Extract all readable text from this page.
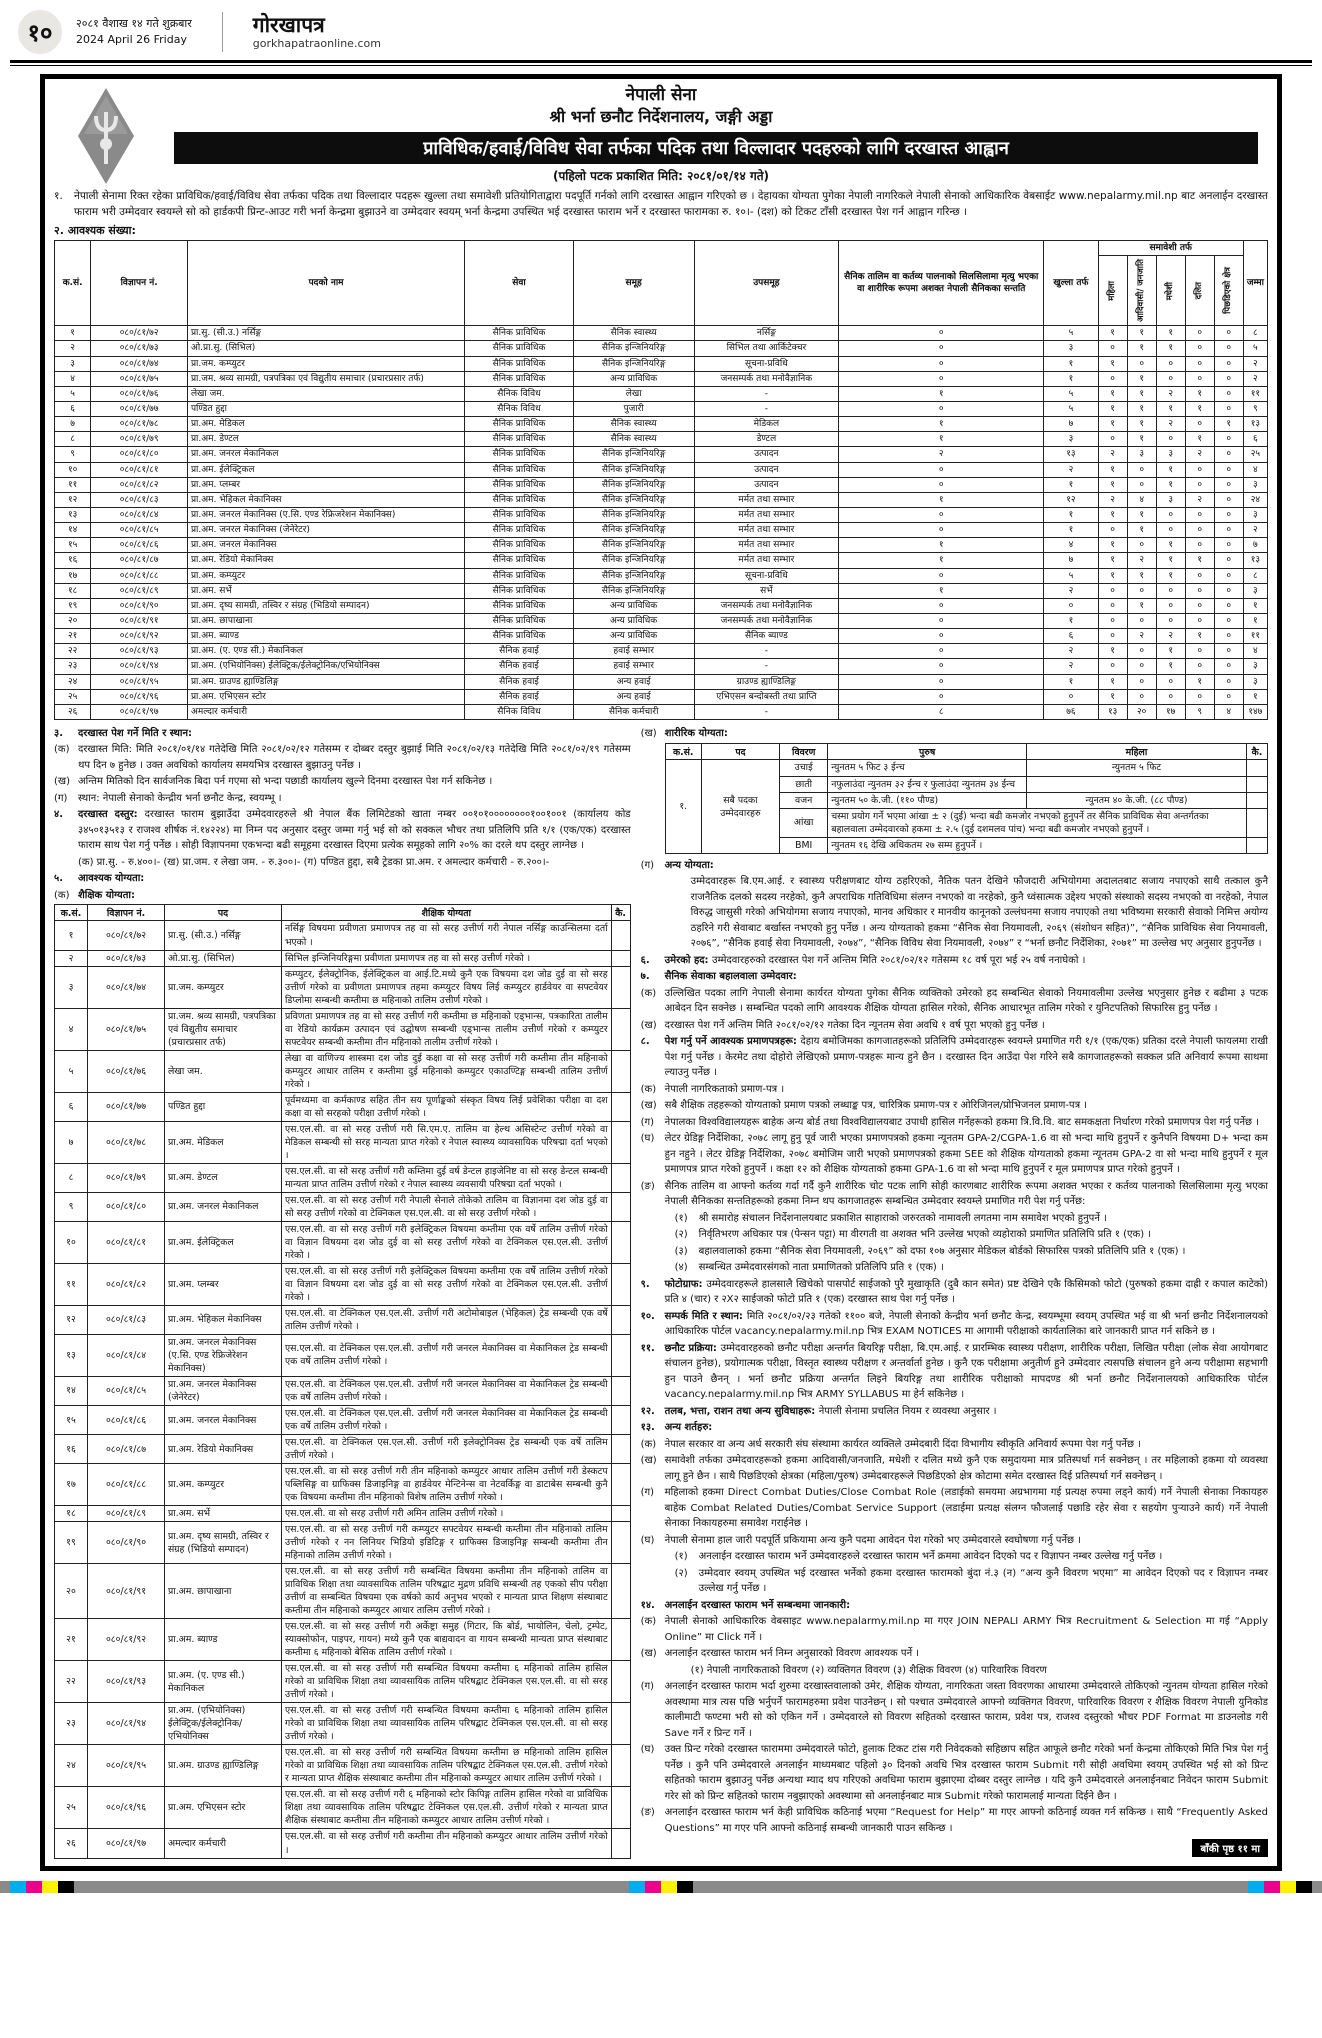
१०	२०८१ वैशाख १४ गते शुक्रबार
2024 April 26 Friday
गोरखापत्र
gorkhapatraonline.com
नेपाली सेना
श्री भर्ना छनौट निर्देशनालय, जङ्गी अड्डा
प्राविधिक/हवाई/विविध सेवा तर्फका पदिक तथा विल्लादार पदहरुको लागि दरखास्त आह्वान
(पहिलो पटक प्रकाशित मिति: २०८१/०१/१४ गते)
१.	नेपाली सेनामा रिक्त रहेका प्राविधिक/हवाई/विविध सेवा तर्फका पदिक तथा विल्लादार पदहरू खुल्ला तथा समावेशी प्रतियोगिताद्वारा पदपूर्ति गर्नको लागि दरखास्त आह्वान गरिएको छ । देहायका योग्यता पुगेका नेपाली नागरिकले नेपाली सेनाको आधिकारिक वेबसाईट www.nepalarmy.mil.np बाट अनलाईन दरखास्त फाराम भरी उम्मेदवार स्वयम्ले सो को हार्डकपी प्रिन्ट-आउट गरी भर्ना केन्द्रमा बुझाउने वा उम्मेदवार स्वयम् भर्ना केन्द्रमा उपस्थित भई दरखास्त फाराम भर्ने र दरखास्त फारामका रु. १०।- (दश) को टिकट टाँसी दरखास्त पेश गर्न आह्वान गरिन्छ ।
२. आवश्यक संख्या:
क.सं.	विज्ञापन नं.	पदको नाम	सेवा	समूह	उपसमूह	सैनिक तालिम वा कर्तव्य पालनाको सिलसिलामा मृत्यु भएका वा शारीरिक रूपमा अशक्त नेपाली सैनिकका सन्तति	खुल्ला तर्फ	समावेशी तर्फ					जम्मा

								महिला	आदिवासी/ जनजाति	मधेशी	दलित	पिछडिएको क्षेत्र	

१	०८०/८१/७२	प्रा.सु. (सी.उ.) नर्सिङ्ग	सैनिक प्राविधिक	सैनिक स्वास्थ्य	नर्सिङ्ग	०	५	१	१	१	०	०	८
२	०८०/८१/७३	ओ.प्रा.सु. (सिभिल)	सैनिक प्राविधिक	सैनिक इन्जिनियरिङ्ग	सिभिल तथा आर्किटेक्चर	०	३	०	१	१	०	०	५
३	०८०/८१/७४	प्रा.जम. कम्प्युटर	सैनिक प्राविधिक	सैनिक इन्जिनियरिङ्ग	सूचना-प्रविधि	०	१	१	०	०	०	०	२
४	०८०/८१/७५	प्रा.जम. श्रव्य सामग्री, पत्रपत्रिका एवं विद्युतीय समाचार (प्रचारप्रसार तर्फ)	सैनिक प्राविधिक	अन्य प्राविधिक	जनसम्पर्क तथा मनोवैज्ञानिक	०	१	०	१	०	०	०	२
५	०८०/८१/७६	लेखा जम.	सैनिक विविध	लेखा	-	१	५	१	१	२	१	०	११
६	०८०/८१/७७	पण्डित हुद्दा	सैनिक विविध	पुजारी	-	०	५	१	१	१	१	०	९
७	०८०/८१/७८	प्रा.अम. मेडिकल	सैनिक प्राविधिक	सैनिक स्वास्थ्य	मेडिकल	१	७	१	१	२	०	१	१३
८	०८०/८१/७९	प्रा.अम. डेण्टल	सैनिक प्राविधिक	सैनिक स्वास्थ्य	डेण्टल	१	३	०	१	०	१	०	६
९	०८०/८१/८०	प्रा.अम. जनरल मेकानिकल	सैनिक प्राविधिक	सैनिक इन्जिनियरिङ्ग	उत्पादन	२	१३	२	३	३	२	०	२५
१०	०८०/८१/८१	प्रा.अम. ईलेक्ट्रिकल	सैनिक प्राविधिक	सैनिक इन्जिनियरिङ्ग	उत्पादन	०	२	१	०	१	०	०	४
११	०८०/८१/८२	प्रा.अम. प्लम्बर	सैनिक प्राविधिक	सैनिक इन्जिनियरिङ्ग	उत्पादन	०	१	१	०	१	०	०	३
१२	०८०/८१/८३	प्रा.अम. भेहिकल मेकानिक्स	सैनिक प्राविधिक	सैनिक इन्जिनियरिङ्ग	मर्मत तथा सम्भार	१	१२	२	४	३	२	०	२४
१३	०८०/८१/८४	प्रा.अम. जनरल मेकानिक्स (ए.सि. एण्ड रेफ्रिजरेशन मेकानिक्स)	सैनिक प्राविधिक	सैनिक इन्जिनियरिङ्ग	मर्मत तथा सम्भार	०	१	१	१	०	०	०	३
१४	०८०/८१/८५	प्रा.अम. जनरल मेकानिक्स (जेनेरेटर)	सैनिक प्राविधिक	सैनिक इन्जिनियरिङ्ग	मर्मत तथा सम्भार	०	१	०	१	०	०	०	२
१५	०८०/८१/८६	प्रा.अम. जनरल मेकानिक्स	सैनिक प्राविधिक	सैनिक इन्जिनियरिङ्ग	मर्मत तथा सम्भार	१	४	१	०	१	०	०	७
१६	०८०/८१/८७	प्रा.अम. रेडियो मेकानिक्स	सैनिक प्राविधिक	सैनिक इन्जिनियरिङ्ग	मर्मत तथा सम्भार	१	७	१	२	१	१	०	१३
१७	०८०/८१/८८	प्रा.अम. कम्प्युटर	सैनिक प्राविधिक	सैनिक इन्जिनियरिङ्ग	सूचना-प्रविधि	०	५	१	१	१	०	०	८
१८	०८०/८१/८९	प्रा.अम. सर्भे	सैनिक प्राविधिक	सैनिक इन्जिनियरिङ्ग	सर्भे	१	२	०	०	०	०	०	३
१९	०८०/८१/९०	प्रा.अम. दृष्य सामग्री, तस्विर र संग्रह (भिडियो सम्पादन)	सैनिक प्राविधिक	अन्य प्राविधिक	जनसम्पर्क तथा मनोवैज्ञानिक	०	०	०	१	०	०	०	१
२०	०८०/८१/९१	प्रा.अम. छापाखाना	सैनिक प्राविधिक	अन्य प्राविधिक	जनसम्पर्क तथा मनोवैज्ञानिक	०	१	०	०	०	०	०	१
२१	०८०/८१/९२	प्रा.अम. ब्याण्ड	सैनिक प्राविधिक	अन्य प्राविधिक	सैनिक ब्याण्ड	०	६	०	२	२	१	०	११
२२	०८०/८१/९३	प्रा.अम. (ए. एण्ड सी.) मेकानिकल	सैनिक हवाई	हवाई सम्भार	-	०	२	१	०	१	०	०	४
२३	०८०/८१/९४	प्रा.अम. (एभियोनिक्स) ईलेक्ट्रिक/ईलेक्ट्रोनिक/एभियोनिक्स	सैनिक हवाई	हवाई सम्भार	-	०	२	०	०	१	०	०	३
२४	०८०/८१/९५	प्रा.अम. ग्राउण्ड ह्याण्डिलिङ्ग	सैनिक हवाई	अन्य हवाई	ग्राउण्ड ह्याण्डिलिङ्ग	०	१	१	०	०	१	०	३
२५	०८०/८१/९६	प्रा.अम. एभिएसन स्टोर	सैनिक हवाई	अन्य हवाई	एभिएसन बन्दोबस्ती तथा प्राप्ति	०	०	१	०	०	०	०	१
२६	०८०/८१/९७	अमल्दार कर्मचारी	सैनिक विविध	सैनिक कर्मचारी	-	८	७६	१३	२०	१७	९	४	१४७
३.	दरखास्त पेश गर्ने मिति र स्थान:
(क) दरखास्त मिति: मिति २०८१/०१/१४ गतेदेखि मिति २०८१/०२/१२ गतेसम्म र दोब्बर दस्तुर बुझाई मिति २०८१/०२/१३ गतेदेखि मिति २०८१/०२/१९ गतेसम्म थप दिन ७ हुनेछ । उक्त अवधिको कार्यालय समयभित्र दरखास्त बुझाउनु पर्नेछ ।
(ख) अन्तिम मितिको दिन सार्वजनिक बिदा पर्न गएमा सो भन्दा पछाडी कार्यालय खुल्ने दिनमा दरखास्त पेश गर्न सकिनेछ ।
(ग)	स्थान: नेपाली सेनाको केन्द्रीय भर्ना छनौट केन्द्र, स्वयम्भू ।
४.	दरखास्त दस्तुर: दरखास्त फाराम बुझाउँदा उम्मेदवारहरुले श्री नेपाल बैंक लिमिटेडको खाता नम्बर ००१०१००००००००१००१००१ (कार्यालय कोड ३४५०१३५१३ र राजश्व शीर्षक नं.१४२२४) मा निम्न पद अनुसार दस्तुर जम्मा गर्नु भई सो को सक्कल भौचर तथा प्रतिलिपि प्रति १/१ (एक/एक) दरखास्त फाराम साथ पेश गर्नु पर्नेछ । सोही विज्ञापनमा एकभन्दा बढी समूहमा दरखास्त दिएमा प्रत्येक समूहको लागि २०% का दरले थप दस्तुर लाग्नेछ ।
(क) प्रा.सु. - रु.४००।- (ख) प्रा.जम. र लेखा जम. - रु.३००।- (ग) पण्डित हुद्दा, सबै ट्रेडका प्रा.अम. र अमल्दार कर्मचारी - रु.२००।-
५.	आवश्यक योग्यता:
(क) शैक्षिक योग्यता:
क.सं.	विज्ञापन नं.	पद	शैक्षिक योग्यता	कै.
१	०८०/८१/७२	प्रा.सु. (सी.उ.) नर्सिङ्ग	नर्सिङ्ग विषयमा प्रवीणता प्रमाणपत्र तह वा सो सरह उत्तीर्ण गरी नेपाल नर्सिङ्ग काउन्सिलमा दर्ता भएको ।	
२	०८०/८१/७३	ओ.प्रा.सु. (सिभिल)	सिभिल इन्जिनियरिङ्गमा प्रवीणता प्रमाणपत्र तह वा सो सरह उत्तीर्ण गरेको ।	
३	०८०/८१/७४	प्रा.जम. कम्प्युटर	कम्प्युटर, ईलेक्ट्रोनिक, ईलेक्ट्रिकल वा आई.टि.मध्ये कुनै एक विषयमा दश जोड दुई वा सो सरह उत्तीर्ण गरेको वा प्रवीणता प्रमाणपत्र तहमा कम्प्युटर विषय लिई कम्प्युटर हार्डवेयर वा सफ्टवेयर डिप्लोमा सम्बन्धी कम्तीमा छ महिनाको तालिम उत्तीर्ण गरेको ।	
४	०८०/८१/७५	प्रा.जम. श्रव्य सामग्री, पत्रपत्रिका एवं विद्युतीय समाचार (प्रचारप्रसार तर्फ)	प्रविणता प्रमाणपत्र तह वा सो सरह उत्तीर्ण गरी कम्तीमा छ महिनाको एड्भान्स, पत्रकारिता तालीम वा रेडियो कार्यक्रम उत्पादन एवं उद्घोषण सम्बन्धी एड्भान्स तालीम उत्तीर्ण गरेको र कम्प्युटर सफ्टवेयर सम्बन्धी कम्तीमा तीन महिनाको तालीम उत्तीर्ण गरेको ।	
५	०८०/८१/७६	लेखा जम.	लेखा वा वाणिज्य शास्त्रमा दश जोड दुई कक्षा वा सो सरह उत्तीर्ण गरी कम्तीमा तीन महिनाको कम्प्युटर आधार तालिम र कम्तीमा दुई महिनाको कम्प्युटर एकाउण्टिङ्ग सम्बन्धी तालिम उत्तीर्ण गरेको ।	
६	०८०/८१/७७	पण्डित हुद्दा	पूर्वमध्यमा वा कर्मकाण्ड सहित तीन सय पूर्णाङ्कको संस्कृत विषय लिई प्रवेशिका परीक्षा वा दश कक्षा वा सो सरहको परीक्षा उत्तीर्ण गरेको ।	
७	०८०/८१/७८	प्रा.अम. मेडिकल	एस.एल.सी. वा सो सरह उत्तीर्ण गरी सि.एम.ए. तालिम वा हेल्थ असिस्टेन्ट उत्तीर्ण गरेको वा मेडिकल सम्बन्धी सो सरह मान्यता प्राप्त गरेको र नेपाल स्वास्थ्य व्यावसायिक परिषद्मा दर्ता भएको ।	
८	०८०/८१/७९	प्रा.अम. डेण्टल	एस.एल.सी. वा सो सरह उत्तीर्ण गरी कम्तिमा दुई वर्ष डेन्टल हाइजेनिष्ट वा सो सरह डेन्टल सम्बन्धी मान्यता प्राप्त तालिम उत्तीर्ण गरेको र नेपाल स्वास्थ्य व्यवसायी परिषद्मा दर्ता भएको ।	
९	०८०/८१/८०	प्रा.अम. जनरल मेकानिकल	एस.एल.सी. वा सो सरह उत्तीर्ण गरी नेपाली सेनाले तोकेको तालिम वा विज्ञानमा दश जोड दुई वा सो सरह उत्तीर्ण गरेको वा टेक्निकल एस.एल.सी. वा सो सरह उत्तीर्ण गरेको ।	
१०	०८०/८१/८१	प्रा.अम. ईलेक्ट्रिकल	एस.एल.सी. वा सो सरह उत्तीर्ण गरी इलेक्ट्रिकल विषयमा कम्तीमा एक वर्षे तालिम उत्तीर्ण गरेको वा विज्ञान विषयमा दश जोड दुई वा सो सरह उत्तीर्ण गरेको वा टेक्निकल एस.एल.सी. उत्तीर्ण गरेको ।	
११	०८०/८१/८२	प्रा.अम. प्लम्बर	एस.एल.सी. वा सो सरह उत्तीर्ण गरी इलेक्ट्रिकल विषयमा कम्तीमा एक वर्षे तालिम उत्तीर्ण गरेको वा विज्ञान विषयमा दश जोड दुई वा सो सरह उत्तीर्ण गरेको वा टेक्निकल एस.एल.सी. उत्तीर्ण गरेको ।	
१२	०८०/८१/८३	प्रा.अम. भेहिकल मेकानिक्स	एस.एल.सी. वा टेक्निकल एस.एल.सी. उत्तीर्ण गरी अटोमोबाइल (भेहिकल) ट्रेड सम्बन्धी एक वर्षे तालिम उत्तीर्ण गरेको ।	
१३	०८०/८१/८४	प्रा.अम. जनरल मेकानिक्स (ए.सि. एण्ड रेफ्रिजेरेशन मेकानिक्स)	एस.एल.सी. वा टेक्निकल एस.एल.सी. उत्तीर्ण गरी जनरल मेकानिक्स वा मेकानिकल ट्रेड सम्बन्धी एक वर्षे तालिम उत्तीर्ण गरेको ।	
१४	०८०/८१/८५	प्रा.अम. जनरल मेकानिक्स (जेनेरेटर)	एस.एल.सी. वा टेक्निकल एस.एल.सी. उत्तीर्ण गरी जनरल मेकानिक्स वा मेकानिकल ट्रेड सम्बन्धी एक वर्षे तालिम उत्तीर्ण गरेको ।	
१५	०८०/८१/८६	प्रा.अम. जनरल मेकानिक्स	एस.एल.सी. वा टेक्निकल एस.एल.सी. उत्तीर्ण गरी जनरल मेकानिक्स वा मेकानिकल ट्रेड सम्बन्धी एक वर्षे तालिम उत्तीर्ण गरेको ।	
१६	०८०/८१/८७	प्रा.अम. रेडियो मेकानिक्स	एस.एल.सी. वा टेक्निकल एस.एल.सी. उत्तीर्ण गरी इलेक्ट्रोनिक्स ट्रेड सम्बन्धी एक वर्षे तालिम उत्तीर्ण गरेको ।	
१७	०८०/८१/८८	प्रा.अम. कम्प्युटर	एस.एल.सी. वा सो सरह उत्तीर्ण गरी तीन महिनाको कम्प्युटर आधार तालिम उत्तीर्ण गरी डेस्कटप पब्लिसिङ्ग वा ग्राफिक्स डिजाइनिङ्ग वा हार्डवेयर मेन्टिनेन्स वा नेटवर्किङ्ग वा डाटाबेस सम्बन्धी कुनै एक विषयमा कम्तीमा तीन महिनाको विशेष तालिम उत्तीर्ण गरेको ।	
१८	०८०/८१/८९	प्रा.अम. सर्भे	एस.एल.सी. वा सो सरह उत्तीर्ण गरी अमिन तालिम उत्तीर्ण गरेको ।	
१९	०८०/८१/९०	प्रा.अम. दृष्य सामग्री, तस्विर र संग्रह (भिडियो सम्पादन)	एस.एल.सी. वा सो सरह उत्तीर्ण गरी कम्प्युटर सफ्टवेयर सम्बन्धी कम्तीमा तीन महिनाको तालिम उत्तीर्ण गरेको र नन लिनियर भिडियो इडिटिङ्ग र ग्राफिक्स डिजाइनिङ्ग सम्बन्धी कम्तीमा तीन महिनाको तालिम उत्तीर्ण गरेको ।	
२०	०८०/८१/९१	प्रा.अम. छापाखाना	एस.एल.सी. वा सो सरह उत्तीर्ण गरी सम्बन्धित विषयमा कम्तीमा तीन महिनाको तालिम वा प्राविधिक शिक्षा तथा व्यावसायिक तालिम परिषद्बाट मुद्रण प्रविधि सम्बन्धी तह एकको सीप परीक्षा उत्तीर्ण वा सम्बन्धित विषयमा एक वर्षको कार्य अनुभव भएको र मान्यता प्राप्त शिक्षण संस्थाबाट कम्तीमा तीन महिनाको कम्प्युटर आधार तालिम उत्तीर्ण गरेको ।	
२१	०८०/८१/९२	प्रा.अम. ब्याण्ड	एस.एल.सी. वा सो सरह उत्तीर्ण गरी अर्केष्ट्रा समुह (गिटार, कि बोर्ड, भायोलिन, चेलो, ट्रम्पेट, स्याक्सोफोन, पाइपर, गायन) मध्ये कुनै एक बाद्यवादन वा गायन सम्बन्धी मान्यता प्राप्त संस्थाबाट कम्तीमा ६ महिनाको बेसिक तालिम उत्तीर्ण गरेको ।	
२२	०८०/८१/९३	प्रा.अम. (ए. एण्ड सी.) मेकानिकल	एस.एल.सी. वा सो सरह उत्तीर्ण गरी सम्बन्धित विषयमा कम्तीमा ६ महिनाको तालिम हासिल गरेको वा प्राविधिक शिक्षा तथा व्यावसायिक तालिम परिषद्बाट टेक्निकल एस.एल.सी. वा सो सरह उत्तीर्ण गरेको ।	
२३	०८०/८१/९४	प्रा.अम. (एभियोनिक्स) ईलेक्ट्रिक/ईलेक्ट्रोनिक/एभियोनिक्स	एस.एल.सी. वा सो सरह उत्तीर्ण गरी सम्बन्धित विषयमा कम्तीमा ६ महिनाको तालिम हासिल गरेको वा प्राविधिक शिक्षा तथा व्यावसायिक तालिम परिषद्बाट टेक्निकल एस.एल.सी. वा सो सरह उत्तीर्ण गरेको ।	
२४	०८०/८१/९५	प्रा.अम. ग्राउण्ड ह्याण्डिलिङ्ग	एस.एल.सी. वा सो सरह उत्तीर्ण गरी सम्बन्धित विषयमा कम्तीमा छ महिनाको तालिम हासिल गरेको वा प्राविधिक शिक्षा तथा व्यावसायिक तालिम परिषद्बाट टेक्निकल एस.एल.सी. उत्तीर्ण गरेको र मान्यता प्राप्त शैक्षिक संस्थाबाट कम्तीमा तीन महिनाको कम्प्युटर आधार तालिम उत्तीर्ण गरेको ।	
२५	०८०/८१/९६	प्रा.अम. एभिएसन स्टोर	एस.एल.सी. वा सो सरह उत्तीर्ण गरी ६ महिनाको स्टोर किपिङ्ग तालिम हासिल गरेको वा प्राविधिक शिक्षा तथा व्यावसायिक तालिम परिषद्बाट टेक्निकल एस.एल.सी. उत्तीर्ण गरेको र मान्यता प्राप्त शैक्षिक संस्थाबाट कम्तीमा तीन महिनाको कम्प्युटर आधार तालिम उत्तीर्ण गरेको ।	
२६	०८०/८१/९७	अमल्दार कर्मचारी	एस.एल.सी. वा सो सरह उत्तीर्ण गरी कम्तीमा तीन महिनाको कम्प्युटर आधार तालिम उत्तीर्ण गरेको ।	
(ख) शारीरिक योग्यता:
क.सं.	पद	विवरण	पुरुष	महिला	कै.
१.	सबै पदका उम्मेदवारहरु	उचाई	न्युनतम ५ फिट ३ ईन्च	न्युनतम ५ फिट	
		छाती	नफुलाउंदा न्युनतम ३२ ईन्च र फुलाउंदा न्युनतम ३४ ईन्च		
		वजन	न्युनतम ५० के.जी. (११० पौण्ड)	न्युनतम ४० के.जी. (८८ पौण्ड)	
		आंखा	चस्मा प्रयोग गर्ने भएमा आंखा ± २ (दुई) भन्दा बढी कमजोर नभएको हुनुपर्ने तर सैनिक प्राविधिक सेवा अन्तर्गतका बहालवाला उम्मेदवारको हकमा ± २.५ (दुई दशमलव पांच) भन्दा बढी कमजोर नभएको हुनुपर्ने ।		
		BMI	न्युनतम १६ देखि अधिकतम २७ सम्म हुनुपर्ने ।		
(ग)	अन्य योग्यता:
उम्मेदवारहरू बि.एम.आई. र स्वास्थ्य परीक्षणबाट योग्य ठहरिएको, नैतिक पतन देखिने फौजदारी अभियोगमा अदालतबाट सजाय नपाएको साथै तत्काल कुनै राजनैतिक दलको सदस्य नरहेको, कुनै अपराधिक गतिविधिमा संलग्न नभएको वा नरहेको, कुनै ध्वंसात्मक उद्देश्य भएको संस्थाको सदस्य नभएको वा नरहेको, नेपाल विरुद्ध जासुसी गरेको अभियोगमा सजाय नपाएको, मानव अधिकार र मानवीय कानूनको उल्लंघनमा सजाय नपाएको तथा भविष्यमा सरकारी सेवाको निमित्त अयोग्य ठहरिने गरी सेवाबाट बर्खास्त नभएको हुनु पर्नेछ । अन्य योग्यताको हकमा “सैनिक सेवा नियमावली, २०६९ (संशोधन सहित)”, “सैनिक प्राविधिक सेवा नियमावली, २०७६”, “सैनिक हवाई सेवा नियमावली, २०७४”, “सैनिक विविध सेवा नियमावली, २०७४” र “भर्ना छनौट निर्देशिका, २०७१” मा उल्लेख भए अनुसार हुनुपर्नेछ ।
६.	उमेरको हद: उम्मेदवारहरुको दरखास्त पेश गर्ने अन्तिम मिति २०८१/०२/१२ गतेसम्म १८ वर्ष पूरा भई २५ वर्ष ननाघेको ।
७.	सैनिक सेवाका बहालवाला उम्मेदवार:
(क) उल्लिखित पदका लागि नेपाली सेनामा कार्यरत योग्यता पुगेका सैनिक व्यक्तिको उमेरको हद सम्बन्धित सेवाको नियमावलीमा उल्लेख भएनुसार हुनेछ र बढीमा ३ पटक आबेदन दिन सक्नेछ । सम्बन्धित पदको लागि आवश्यक शैक्षिक योग्यता हासिल गरेको, सैनिक आधारभूत तालिम गरेको र युनिटपतिको सिफारिस हुनु पर्नेछ ।
(ख) दरखास्त पेश गर्ने अन्तिम मिति २०८१/०२/१२ गतेका दिन न्यूनतम सेवा अवधि १ वर्ष पूरा भएको हुनु पर्नेछ ।
८.	पेश गर्नु पर्ने आवश्यक प्रमाणपत्रहरू: देहाय बमोजिमका कागजातहरूको प्रतिलिपि उम्मेदवारहरू स्वयम्ले प्रमाणित गरी १/१ (एक/एक) प्रतिका दरले नेपाली फायलमा राखी पेश गर्नु पर्नेछ । केरमेट तथा दोहोरो लेखिएको प्रमाण-पत्रहरू मान्य हुने छैन । दरखास्त दिन आउँदा पेश गरिने सबै कागजातहरूको सक्कल प्रति अनिवार्य रूपमा साथमा ल्याउनु पर्नेछ ।
(क) नेपाली नागरिकताको प्रमाण-पत्र ।
(ख) सबै शैक्षिक तहहरूको योग्यताको प्रमाण पत्रको लब्धाङ्क पत्र, चारित्रिक प्रमाण-पत्र र ओरिजिनल/प्रोभिजनल प्रमाण-पत्र ।
(ग)	नेपालका विश्वविद्यालयहरू बाहेक अन्य बोर्ड तथा विश्वविद्यालयबाट उपाधी हासिल गर्नेहरूको हकमा त्रि.वि.वि. बाट समकक्षता निर्धारण गरेको प्रमाणपत्र पेश गर्नु पर्नेछ ।
(घ)	लेटर ग्रेडिङ्ग निर्देशिका, २०७८ लागू हुनु पूर्व जारी भएका प्रमाणपत्रको हकमा न्यूनतम GPA-2/CGPA-1.6 वा सो भन्दा माथि हुनुपर्ने र कुनैपनि विषयमा D+ भन्दा कम हुन नहुने । लेटर ग्रेडिङ्ग निर्देशिका, २०७८ बमोजिम जारी भएको प्रमाणपत्रको हकमा SEE को शैक्षिक योग्यताको हकमा न्यूनतम GPA-2 वा सो भन्दा माथि हुनुपर्ने र मूल प्रमाणपत्र प्राप्त गरेको हुनुपर्ने । कक्षा १२ को शैक्षिक योग्यताको हकमा GPA-1.6 वा सो भन्दा माथि हुनुपर्ने र मूल प्रमाणपत्र प्राप्त गरेको हुनुपर्ने ।
(ङ) सैनिक तालिम वा आफ्नो कर्तव्य गर्दा गर्दै कुनै शारीरिक चोट पटक लागि सोही कारणबाट शारीरिक रूपमा अशक्त भएका र कर्तव्य पालनाको सिलसिलामा मृत्यु भएका नेपाली सैनिकका सन्ततिहरूको हकमा निम्न थप कागजातहरू सम्बन्धित उम्मेदवार स्वयम्ले प्रमाणित गरी पेश गर्नु पर्नेछ:
(१)	श्री समारोह संचालन निर्देशनालयबाट प्रकाशित साहाराको जरुरतको नामावली लगतमा नाम समावेश भएको हुनुपर्ने ।
(२)	निर्वृतिभरण अधिकार पत्र (पेन्सन पट्टा) मा वीरगती वा अशक्त भनि उल्लेख भएको व्यहोराको प्रमाणित प्रतिलिपि प्रति १ (एक) ।
(३)	बहालवालाको हकमा “सैनिक सेवा नियमावली, २०६९” को दफा १०७ अनुसार मेडिकल बोर्डको सिफारिस पत्रको प्रतिलिपि प्रति १ (एक) ।
(४)	सम्बन्धित उम्मेदवारसंगको नाता प्रमाणितको प्रतिलिपि प्रति १ (एक) ।
९.	फोटोग्राफ: उम्मेदवारहरूले हालसालै खिचेको पासपोर्ट साईजको पुरै मुखाकृति (दुबै कान समेत) प्रष्ट देखिने एकै किसिमको फोटो (पुरुषको हकमा दाह्री र कपाल काटेको) प्रति ४ (चार) र २X२ साईजको फोटो प्रति १ (एक) दरखास्त साथ पेश गर्नु पर्नेछ ।
१०. सम्पर्क मिति र स्थान: मिति २०८१/०२/२३ गतेको ११०० बजे, नेपाली सेनाको केन्द्रीय भर्ना छनौट केन्द्र, स्वयम्भूमा स्वयम् उपस्थित भई वा श्री भर्ना छनौट निर्देशनालयको आधिकारिक पोर्टल vacancy.nepalarmy.mil.np भित्र EXAM NOTICES मा आगामी परीक्षाको कार्यतालिका बारे जानकारी प्राप्त गर्न सकिने छ ।
११. छनौट प्रक्रिया: उम्मेदवारहरुको छनौट परीक्षा अन्तर्गत बियरिङ्ग परीक्षा, बि.एम.आई. र प्रारम्भिक स्वास्थ्य परीक्षण, शारीरिक परीक्षा, लिखित परीक्षा (लोक सेवा आयोगबाट संचालन हुनेछ), प्रयोगात्मक परीक्षा, विस्तृत स्वास्थ्य परीक्षण र अन्तर्वार्ता हुनेछ । कुनै एक परीक्षामा अनुतीर्ण हुने उम्मेदवार त्यसपछि संचालन हुने अन्य परीक्षामा सहभागी हुन पाउने छैनन् । भर्ना छनौट प्रक्रिया अन्तर्गत लिइने बियरिङ्ग तथा शारीरिक परीक्षाको मापदण्ड श्री भर्ना छनौट निर्देशनालयको आधिकारिक पोर्टल vacancy.nepalarmy.mil.np भित्र ARMY SYLLABUS मा हेर्न सकिनेछ ।
१२. तलब, भत्ता, राशन तथा अन्य सुविधाहरू: नेपाली सेनामा प्रचलित नियम र व्यवस्था अनुसार ।
१३. अन्य शर्तहरु:
(क) नेपाल सरकार वा अन्य अर्ध सरकारी संघ संस्थामा कार्यरत व्यक्तिले उम्मेदबारी दिंदा विभागीय स्वीकृति अनिवार्य रूपमा पेश गर्नु पर्नेछ ।
(ख) समावेशी तर्फका उम्मेदवारहरूको हकमा आदिवासी/जनजाति, मधेशी र दलित मध्ये कुनै एक समुदायमा मात्र प्रतिस्पर्धा गर्न सक्नेछन् । तर महिलाको हकमा यो व्यवस्था लागू हुने छैन । साथै पिछडिएको क्षेत्रका (महिला/पुरुष) उम्मेदबारहरूले पिछडिएको क्षेत्र कोटामा समेत दरखास्त दिई प्रतिस्पर्धा गर्न सक्नेछन् ।
(ग)	महिलाको हकमा Direct Combat Duties/Close Combat Role (लडाईको समयमा अग्रभागमा गई प्रत्यक्ष रुपमा लड्ने कार्य) गर्ने नेपाली सेनाका निकायहरु बाहेक Combat Related Duties/Combat Service Support (लडाईमा प्रत्यक्ष संलग्न फौजलाई पछाडि रहेर सेवा र सहयोग पुर्‍याउने कार्य) गर्ने नेपाली सेनाका निकायहरुमा समावेश गराईनेछ ।
(घ)	नेपाली सेनामा हाल जारी पदपूर्ति प्रकियामा अन्य कुनै पदमा आवेदन पेश गरेको भए उम्मेदवारले स्वघोषणा गर्नु पर्नेछ ।
(१)	अनलाईन दरखास्त फाराम भर्ने उम्मेदवारहरुले दरखास्त फाराम भर्ने क्रममा आवेदन दिएको पद र विज्ञापन नम्बर उल्लेख गर्नु पर्नेछ ।
(२)	उम्मेदवार स्वयम् उपस्थित भई दरखास्त भर्नेको हकमा दरखास्त फारामको बुंदा नं.३ (न) “अन्य कुनै विवरण भएमा” मा आवेदन दिएको पद र विज्ञापन नम्बर उल्लेख गर्नु पर्नेछ ।
१४. अनलाईन दरखास्त फाराम भर्ने सम्बन्धमा जानकारी:
(क) नेपाली सेनाको आधिकारिक वेबसाइट www.nepalarmy.mil.np मा गएर JOIN NEPALI ARMY भित्र Recruitment & Selection मा गई “Apply Online” मा Click गर्ने ।
(ख) अनलाईन दरखास्त फाराम भर्न निम्न अनुसारको विवरण आवश्यक पर्ने ।
(१) नेपाली नागरिकताको विवरण (२) व्यक्तिगत विवरण (३) शैक्षिक विवरण (४) पारिवारिक विवरण
(ग)	अनलाईन दरखास्त फाराम भर्दा शुरुमा दरखास्तवालाको उमेर, शैक्षिक योग्यता, नागरिकता जस्ता विवरणका आधारमा उम्मेदवारले तोकिएको न्युनतम योग्यता हासिल गरेको अवस्थामा मात्र त्यस पछि भर्नुपर्ने फारामहरुमा प्रवेश पाउनेछन् । सो पश्चात उम्मेदवारले आफ्नो व्यक्तिगत विवरण, पारिवारिक विवरण र शैक्षिक विवरण नेपाली युनिकोड कालीमाटी फण्टमा भरी सो को एकिन गर्ने । उम्मेदवारले सो विवरण सहितको दरखास्त फाराम, प्रवेश पत्र, राजश्व दस्तुरको भौचर PDF Format मा डाउनलोड गरी Save गर्ने र प्रिन्ट गर्ने ।
(घ)	उक्त प्रिन्ट गरेको दरखास्त फाराममा उम्मेदवारले फोटो, हुलाक टिकट टांस गरी निवेदकको सहिछाप सहित आफूले छनौट गरेको भर्ना केन्द्रमा तोकिएको मिति भित्र पेश गर्नु पर्नेछ । कुनै पनि उम्मेदवारले अनलाईन माध्यमबाट पहिलो ३० दिनको अवधि भित्र दरखास्त फाराम Submit गरी सोही अवधिमा स्वयम् उपस्थित भई सो को प्रिन्ट सहितको फाराम बुझाउनु पर्नेछ अन्यथा म्याद थप गरिएको अवधिमा फाराम बुझाएमा दोब्बर दस्तुर लाग्नेछ । यदि कुनै उम्मेदवारले अनलाईनबाट निवेदन फाराम Submit गरेर सो को प्रिन्ट सहितको फाराम नबुझाएको अवस्थामा सो अनलाईनबाट मात्र Submit गरेको फारामलाई मान्यता दिईने छैन ।
(ङ) अनलाईन दरखास्त फाराम भर्न केही प्राविधिक कठिनाई भएमा “Request for Help” मा गएर आफ्नो कठिनाई व्यक्त गर्न सकिन्छ । साथै “Frequently Asked Questions” मा गएर पनि आफ्नो कठिनाई सम्बन्धी जानकारी पाउन सकिन्छ ।
बाँकी पृष्ठ ११ मा
